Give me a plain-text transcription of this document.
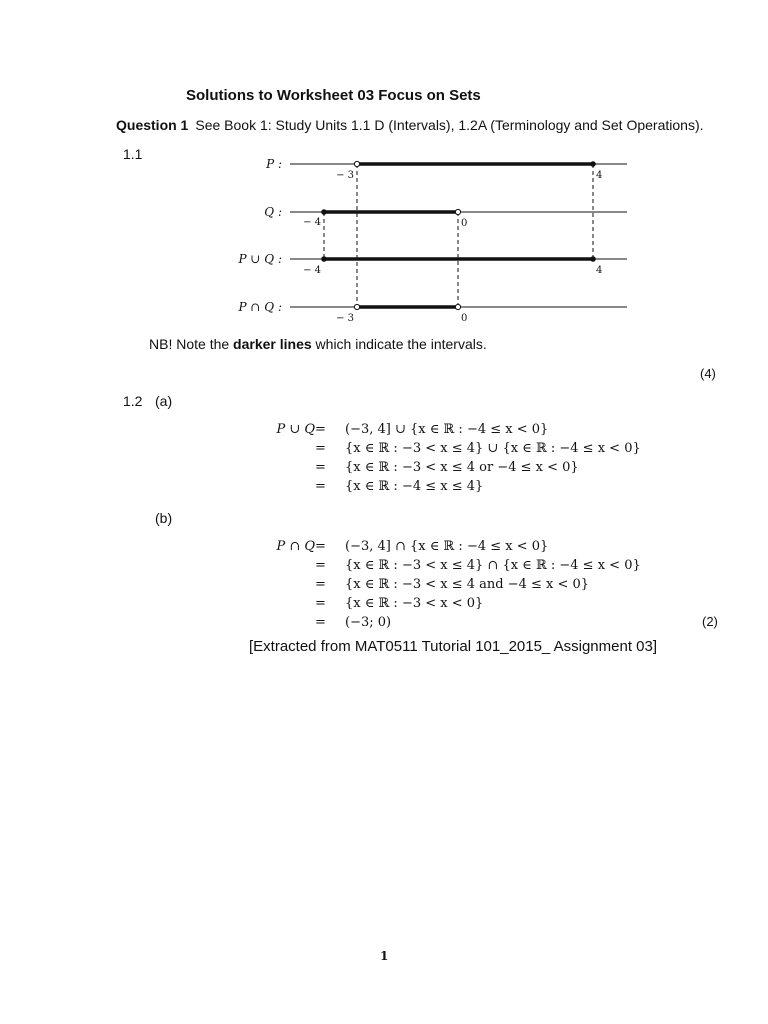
Solutions to Worksheet 03 Focus on Sets
Question 1 See Book 1: Study Units 1.1 D (Intervals), 1.2A (Terminology and Set Operations).
1.1
P :
Q :
P ∪ Q :
P ∩ Q :
− 3	4
− 4	0
− 4	4
− 3	0
NB! Note the darker lines which indicate the intervals.
(4)
1.2 (a)
P ∪ Q =	(−3, 4] ∪ {x ∈ ℝ : −4 ≤ x < 0}
=	{x ∈ ℝ : −3 < x ≤ 4} ∪ {x ∈ ℝ : −4 ≤ x < 0}
=	{x ∈ ℝ : −3 < x ≤ 4 or −4 ≤ x < 0}
=	{x ∈ ℝ : −4 ≤ x ≤ 4}
(b)
P ∩ Q =	(−3, 4] ∩ {x ∈ ℝ : −4 ≤ x < 0}
=	{x ∈ ℝ : −3 < x ≤ 4} ∩ {x ∈ ℝ : −4 ≤ x < 0}
=	{x ∈ ℝ : −3 < x ≤ 4 and −4 ≤ x < 0}
=	{x ∈ ℝ : −3 < x < 0}
=	(−3; 0)	(2)
[Extracted from MAT0511 Tutorial 101_2015_ Assignment 03]
1
